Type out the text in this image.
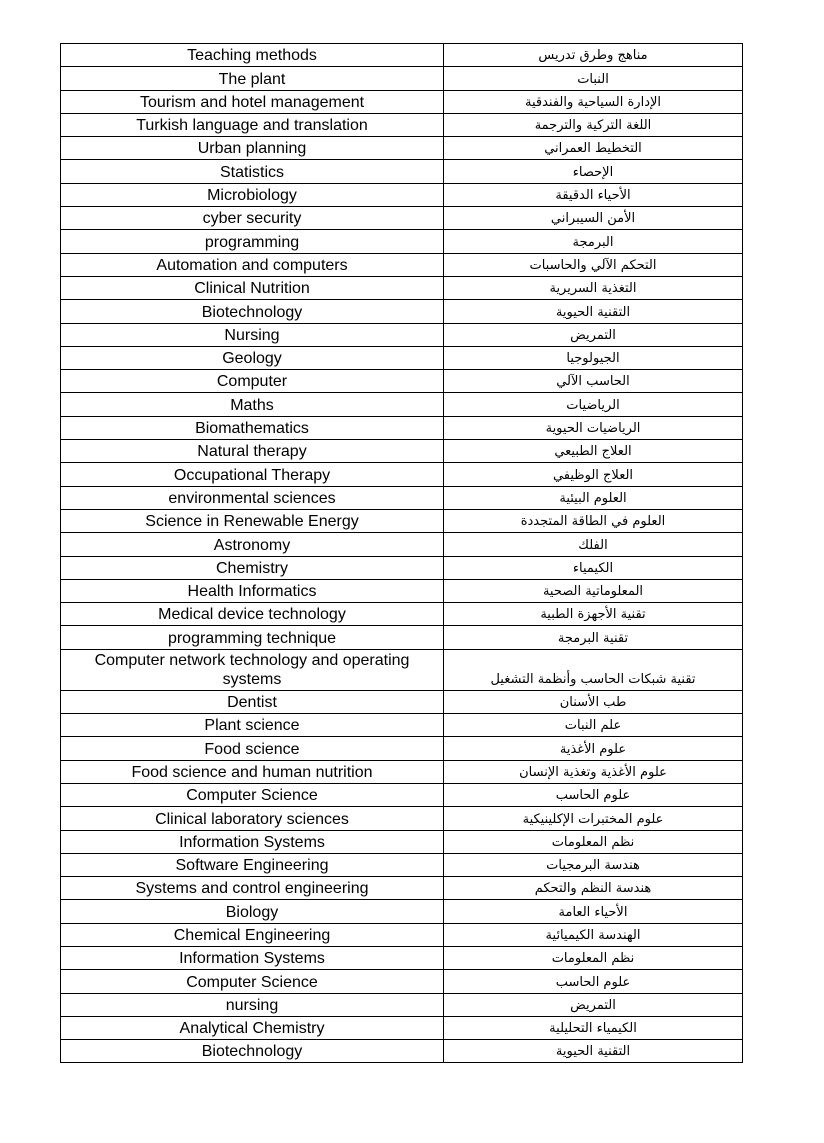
Teaching methods	مناهج وطرق تدريس
The plant	النبات
Tourism and hotel management	الإدارة السياحية والفندقية
Turkish language and translation	اللغة التركية والترجمة
Urban planning	التخطيط العمراني
Statistics	الإحصاء
Microbiology	الأحياء الدقيقة
cyber security	الأمن السيبراني
programming	البرمجة
Automation and computers	التحكم الآلي والحاسبات
Clinical Nutrition	التغذية السريرية
Biotechnology	التقنية الحيوية
Nursing	التمريض
Geology	الجيولوجيا
Computer	الحاسب الآلي
Maths	الرياضيات
Biomathematics	الرياضيات الحيوية
Natural therapy	العلاج الطبيعي
Occupational Therapy	العلاج الوظيفي
environmental sciences	العلوم البيئية
Science in Renewable Energy	العلوم في الطاقة المتجددة
Astronomy	الفلك
Chemistry	الكيمياء
Health Informatics	المعلوماتية الصحية
Medical device technology	تقنية الأجهزة الطبية
programming technique	تقنية البرمجة
Computer network technology and operating systems	تقنية شبكات الحاسب وأنظمة التشغيل
Dentist	طب الأسنان
Plant science	علم النبات
Food science	علوم الأغذية
Food science and human nutrition	علوم الأغذية وتغذية الإنسان
Computer Science	علوم الحاسب
Clinical laboratory sciences	علوم المختبرات الإكلينيكية
Information Systems	نظم المعلومات
Software Engineering	هندسة البرمجيات
Systems and control engineering	هندسة النظم والتحكم
Biology	الأحياء العامة
Chemical Engineering	الهندسة الكيميائية
Information Systems	نظم المعلومات
Computer Science	علوم الحاسب
nursing	التمريض
Analytical Chemistry	الكيمياء التحليلية
Biotechnology	التقنية الحيوية
